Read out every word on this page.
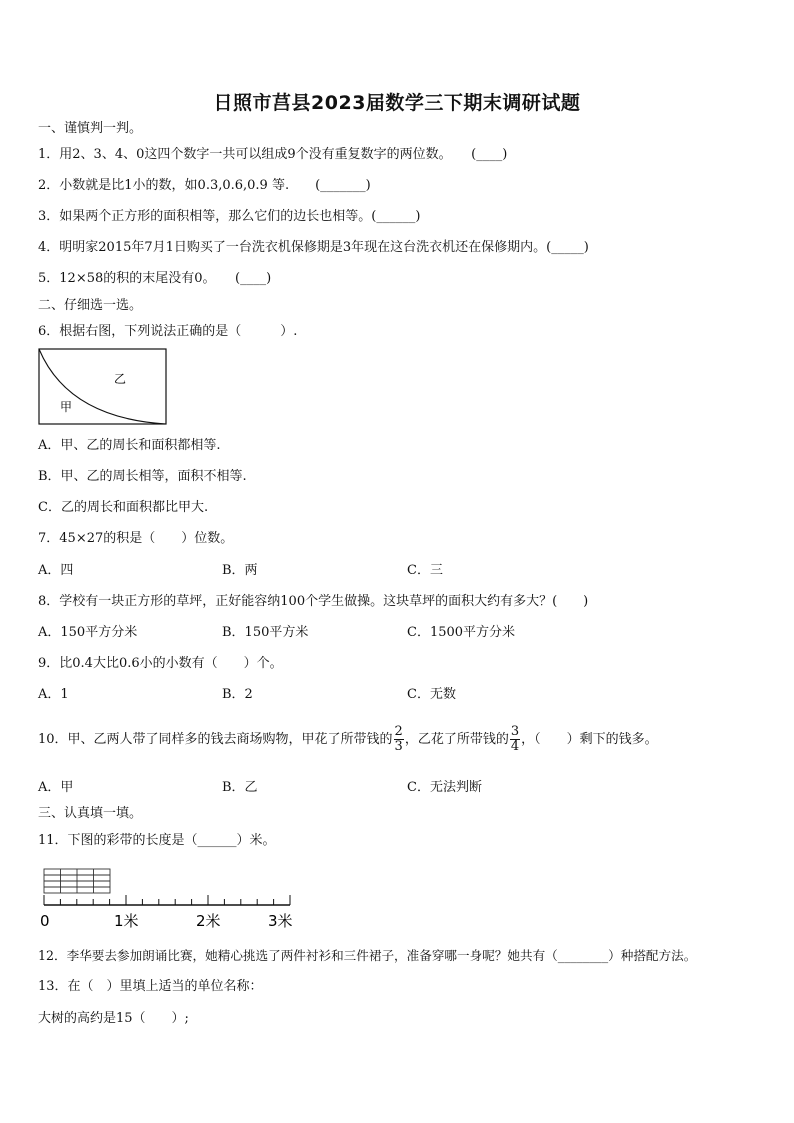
日照市莒县2023届数学三下期末调研试题
一、谨慎判一判。
1．用2、3、4、0这四个数字一共可以组成9个没有重复数字的两位数。　　(____)
2．小数就是比1小的数，如0.3,0.6,0.9 等.　　(_______)
3．如果两个正方形的面积相等，那么它们的边长也相等。(______)
4．明明家2015年7月1日购买了一台洗衣机保修期是3年现在这台洗衣机还在保修期内。(_____)
5．12×58的积的末尾没有0。　　(____)
二、仔细选一选。
6．根据右图，下列说法正确的是（　　　）.
乙
甲
A．甲、乙的周长和面积都相等.
B．甲、乙的周长相等，面积不相等.
C．乙的周长和面积都比甲大.
7．45×27的积是（　　）位数。
A．四	B．两	C．三
8．学校有一块正方形的草坪，正好能容纳100个学生做操。这块草坪的面积大约有多大？(　　)
A．150平方分米	B．150平方米	C．1500平方分米
9．比0.4大比0.6小的小数有（　　）个。
A．1	B．2	C．无数
10．甲、乙两人带了同样多的钱去商场购物，甲花了所带钱的 $\frac{2}{3}$ ，乙花了所带钱的 $\frac{3}{4}$ ，（　　）剩下的钱多。
A．甲	B．乙	C．无法判断
三、认真填一填。
11．下图的彩带的长度是（______）米。
0	1米	2米	3米
12．李华要去参加朗诵比赛，她精心挑选了两件衬衫和三件裙子，准备穿哪一身呢？她共有（________）种搭配方法。
13．在（　）里填上适当的单位名称：
大树的高约是15（　　）;
